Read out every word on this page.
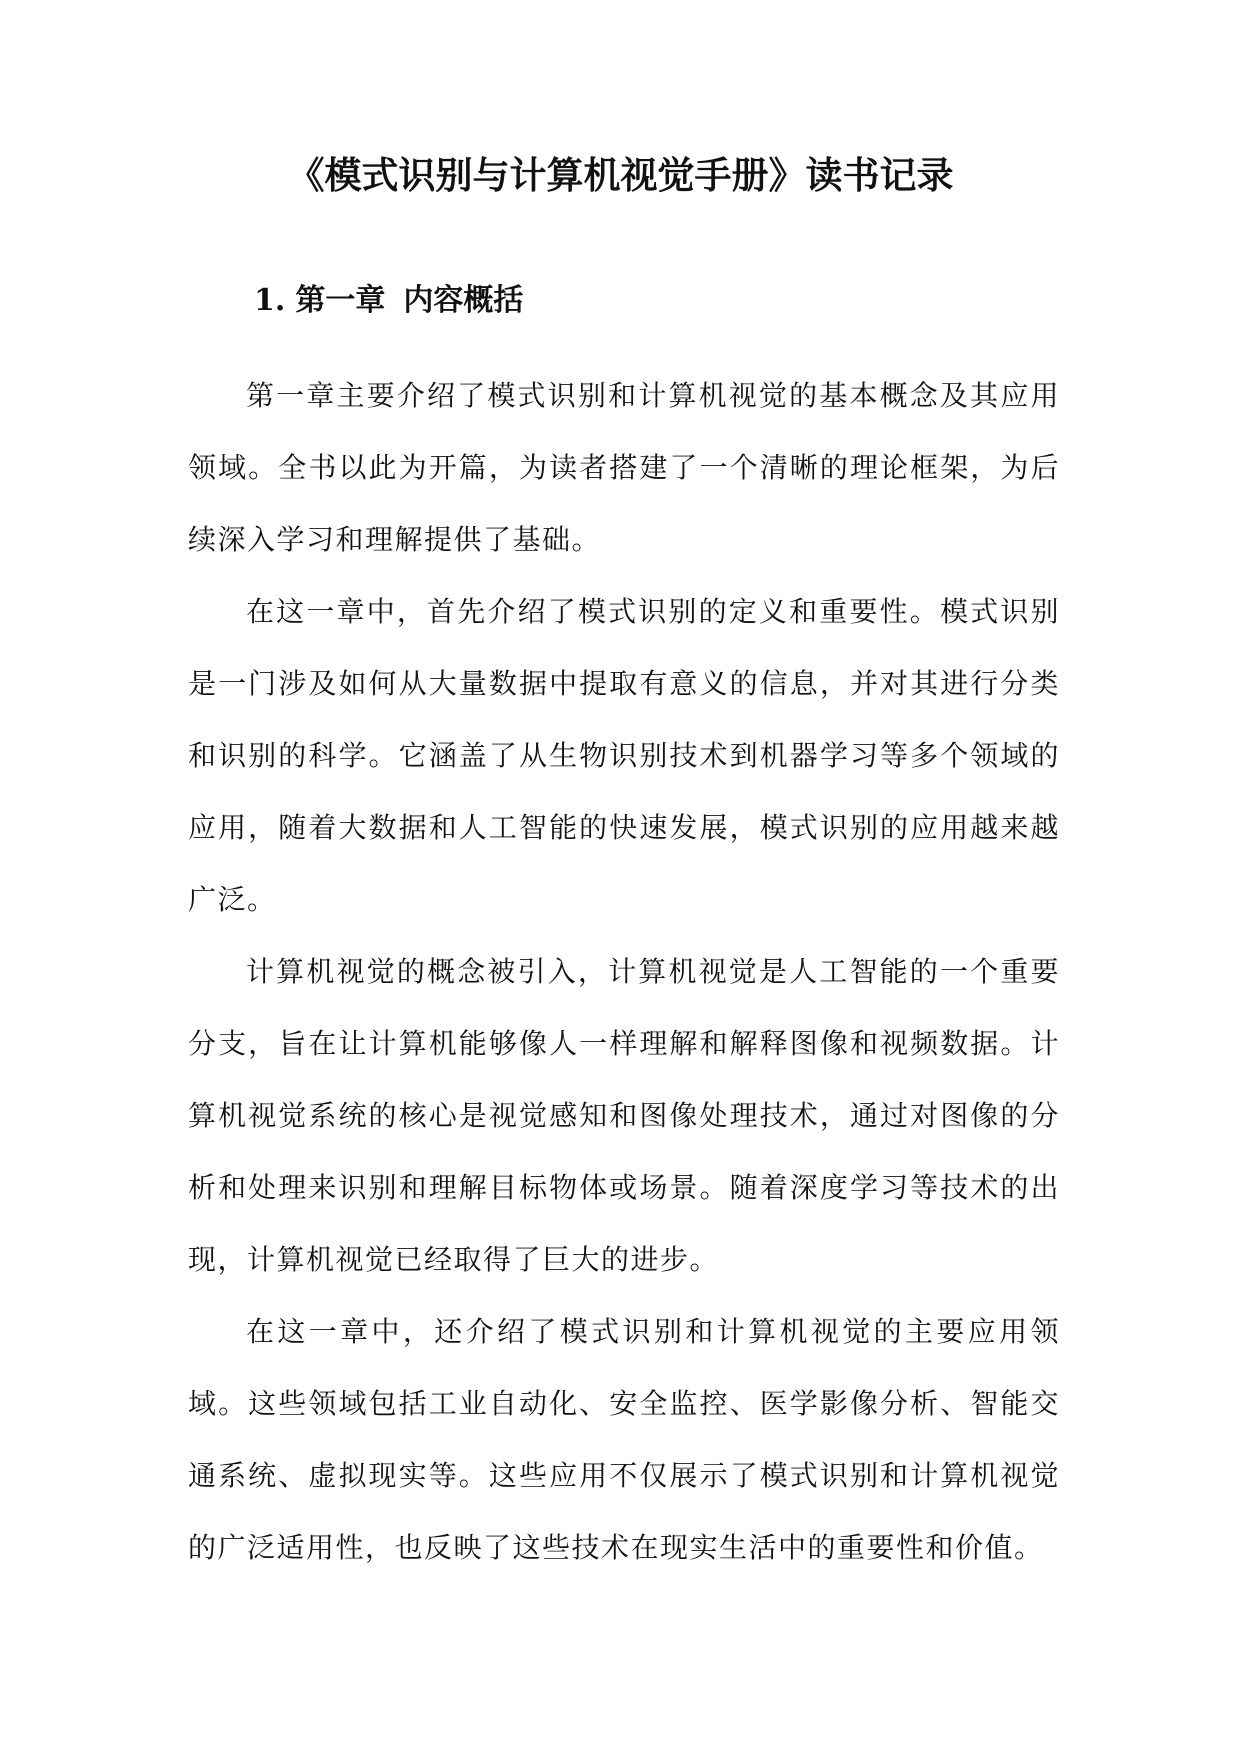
《模式识别与计算机视觉手册》读书记录
1. 第一章 内容概括

第一章主要介绍了模式识别和计算机视觉的基本概念及其应用领域。全书以此为开篇，为读者搭建了一个清晰的理论框架，为后续深入学习和理解提供了基础。

在这一章中，首先介绍了模式识别的定义和重要性。模式识别是一门涉及如何从大量数据中提取有意义的信息，并对其进行分类和识别的科学。它涵盖了从生物识别技术到机器学习等多个领域的应用，随着大数据和人工智能的快速发展，模式识别的应用越来越广泛。

计算机视觉的概念被引入，计算机视觉是人工智能的一个重要分支，旨在让计算机能够像人一样理解和解释图像和视频数据。计算机视觉系统的核心是视觉感知和图像处理技术，通过对图像的分析和处理来识别和理解目标物体或场景。随着深度学习等技术的出现，计算机视觉已经取得了巨大的进步。

在这一章中，还介绍了模式识别和计算机视觉的主要应用领域。这些领域包括工业自动化、安全监控、医学影像分析、智能交通系统、虚拟现实等。这些应用不仅展示了模式识别和计算机视觉的广泛适用性，也反映了这些技术在现实生活中的重要性和价值。
